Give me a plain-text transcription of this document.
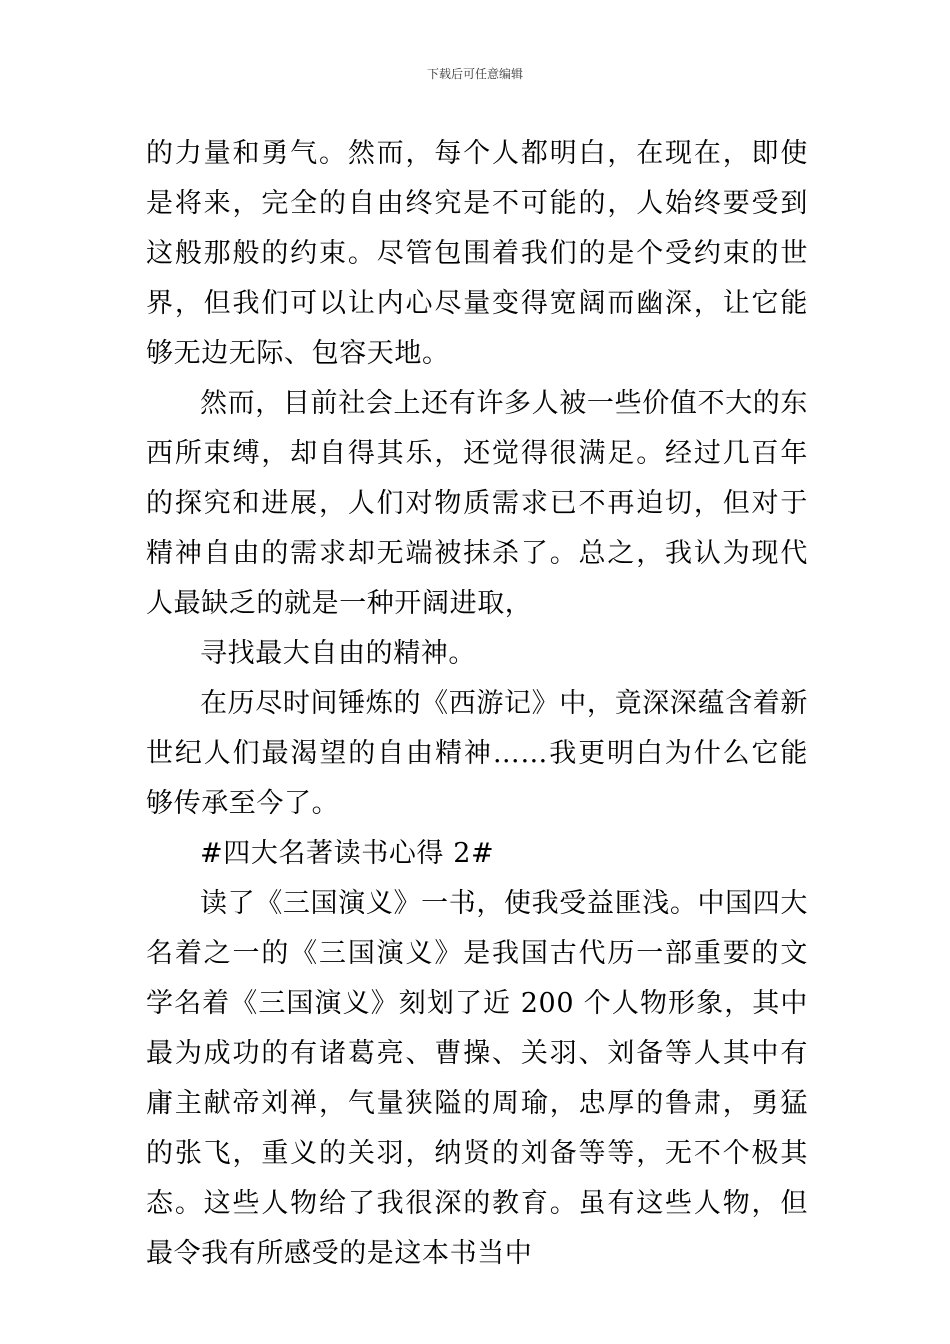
下载后可任意编辑

的力量和勇气。然而，每个人都明白，在现在，即使是将来，完全的自由终究是不可能的，人始终要受到这般那般的约束。尽管包围着我们的是个受约束的世界，但我们可以让内心尽量变得宽阔而幽深，让它能够无边无际、包容天地。

然而，目前社会上还有许多人被一些价值不大的东西所束缚，却自得其乐，还觉得很满足。经过几百年的探究和进展，人们对物质需求已不再迫切，但对于精神自由的需求却无端被抹杀了。总之，我认为现代人最缺乏的就是一种开阔进取，

寻找最大自由的精神。

在历尽时间锤炼的《西游记》中，竟深深蕴含着新世纪人们最渴望的自由精神……我更明白为什么它能够传承至今了。

#四大名著读书心得 2#

读了《三国演义》一书，使我受益匪浅。中国四大名着之一的《三国演义》是我国古代历一部重要的文学名着《三国演义》刻划了近 200 个人物形象，其中最为成功的有诸葛亮、曹操、关羽、刘备等人其中有庸主献帝刘禅，气量狭隘的周瑜，忠厚的鲁肃，勇猛的张飞，重义的关羽，纳贤的刘备等等，无不个极其态。这些人物给了我很深的教育。虽有这些人物，但最令我有所感受的是这本书当中
